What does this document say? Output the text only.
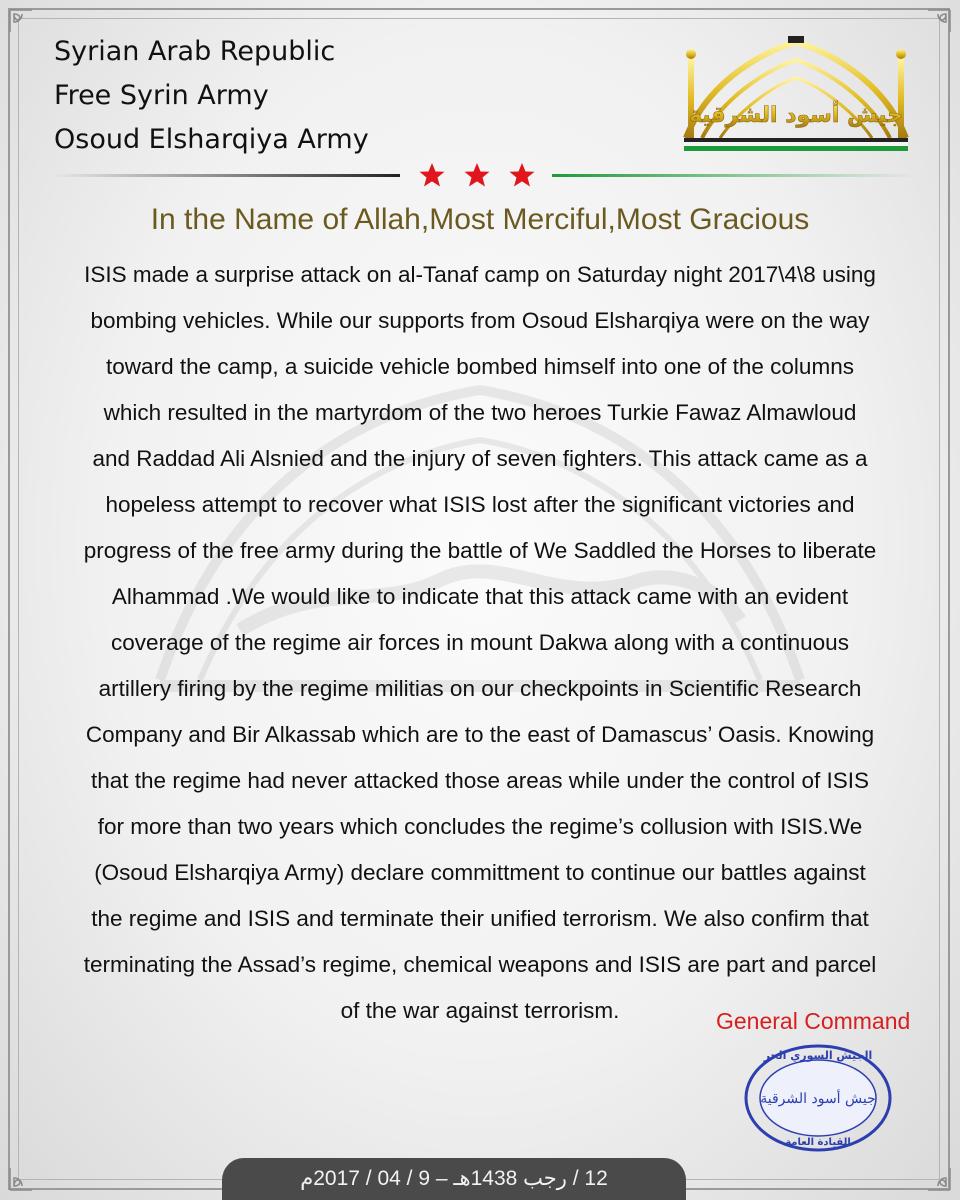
Syrian Arab Republic
Free Syrin Army
Osoud Elsharqiya Army
جيش أسود الشرقية
In the Name of Allah,Most Merciful,Most Gracious
ISIS made a surprise attack on al-Tanaf camp on Saturday night 2017\4\8 using
bombing vehicles. While our supports from Osoud Elsharqiya were on the way
toward the camp, a suicide vehicle bombed himself into one of the columns
which resulted in the martyrdom of the two heroes Turkie Fawaz Almawloud
and Raddad Ali Alsnied and the injury of seven fighters. This attack came as a
hopeless attempt to recover what ISIS lost after the significant victories and
progress of the free army during the battle of We Saddled the Horses to liberate
Alhammad .We would like to indicate that this attack came with an evident
coverage of the regime air forces in mount Dakwa along with a continuous
artillery firing by the regime militias on our checkpoints in Scientific Research
Company and Bir Alkassab which are to the east of Damascus’ Oasis. Knowing
that the regime had never attacked those areas while under the control of ISIS
for more than two years which concludes the regime’s collusion with ISIS.We
(Osoud Elsharqiya Army) declare committment to continue our battles against
the regime and ISIS and terminate their unified terrorism. We also confirm that
terminating the Assad’s regime, chemical weapons and ISIS are part and parcel
of the war against terrorism.	General Command
الجيش السوري الحر
جيش أسود الشرقية
القيادة العامة
12 / رجب 1438هـ – 9 / 04 / 2017م
